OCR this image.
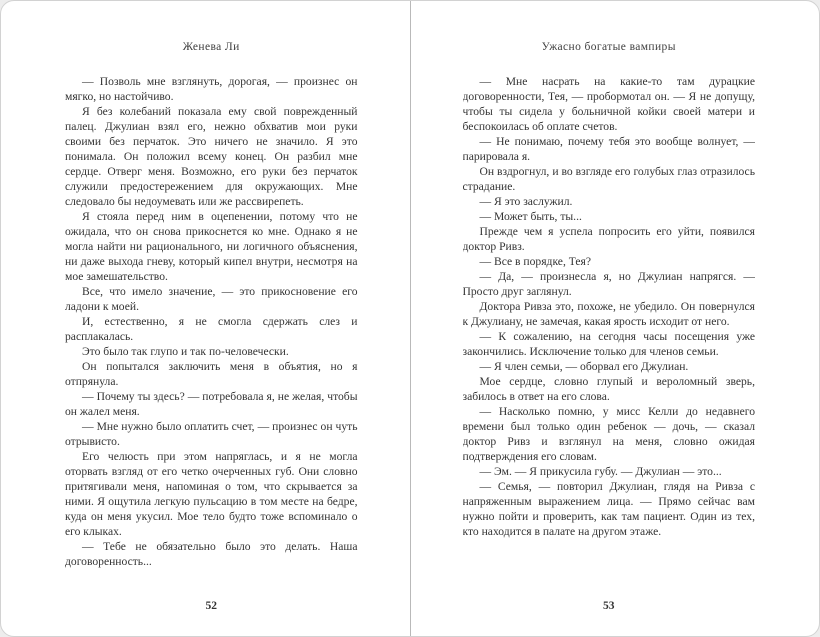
Женева Ли

— Позволь мне взглянуть, дорогая, — произнес он мягко, но настойчиво.

Я без колебаний показала ему свой поврежденный палец. Джулиан взял его, нежно обхватив мои руки своими без перчаток. Это ничего не значило. Я это понимала. Он положил всему конец. Он разбил мне сердце. Отверг меня. Возможно, его руки без перчаток служили предостережением для окружающих. Мне следовало бы недоумевать или же рассвирепеть.

Я стояла перед ним в оцепенении, потому что не ожидала, что он снова прикоснется ко мне. Однако я не могла найти ни рационального, ни логичного объяснения, ни даже выхода гневу, который кипел внутри, несмотря на мое замешательство.

Все, что имело значение, — это прикосновение его ладони к моей.

И, естественно, я не смогла сдержать слез и расплакалась.

Это было так глупо и так по-человечески.

Он попытался заключить меня в объятия, но я отпрянула.

— Почему ты здесь? — потребовала я, не желая, чтобы он жалел меня.

— Мне нужно было оплатить счет, — произнес он чуть отрывисто.

Его челюсть при этом напряглась, и я не могла оторвать взгляд от его четко очерченных губ. Они словно притягивали меня, напоминая о том, что скрывается за ними. Я ощутила легкую пульсацию в том месте на бедре, куда он меня укусил. Мое тело будто тоже вспоминало о его клыках.

— Тебе не обязательно было это делать. Наша договоренность...

52
Ужасно богатые вампиры

— Мне насрать на какие-то там дурацкие договоренности, Тея, — пробормотал он. — Я не допущу, чтобы ты сидела у больничной койки своей матери и беспокоилась об оплате счетов.

— Не понимаю, почему тебя это вообще волнует, — парировала я.

Он вздрогнул, и во взгляде его голубых глаз отразилось страдание.

— Я это заслужил.

— Может быть, ты...

Прежде чем я успела попросить его уйти, появился доктор Ривз.

— Все в порядке, Тея?

— Да, — произнесла я, но Джулиан напрягся. — Просто друг заглянул.

Доктора Ривза это, похоже, не убедило. Он повернулся к Джулиану, не замечая, какая ярость исходит от него.

— К сожалению, на сегодня часы посещения уже закончились. Исключение только для членов семьи.

— Я член семьи, — оборвал его Джулиан.

Мое сердце, словно глупый и вероломный зверь, забилось в ответ на его слова.

— Насколько помню, у мисс Келли до недавнего времени был только один ребенок — дочь, — сказал доктор Ривз и взглянул на меня, словно ожидая подтверждения его словам.

— Эм. — Я прикусила губу. — Джулиан — это...

— Семья, — повторил Джулиан, глядя на Ривза с напряженным выражением лица. — Прямо сейчас вам нужно пойти и проверить, как там пациент. Один из тех, кто находится в палате на другом этаже.

53
